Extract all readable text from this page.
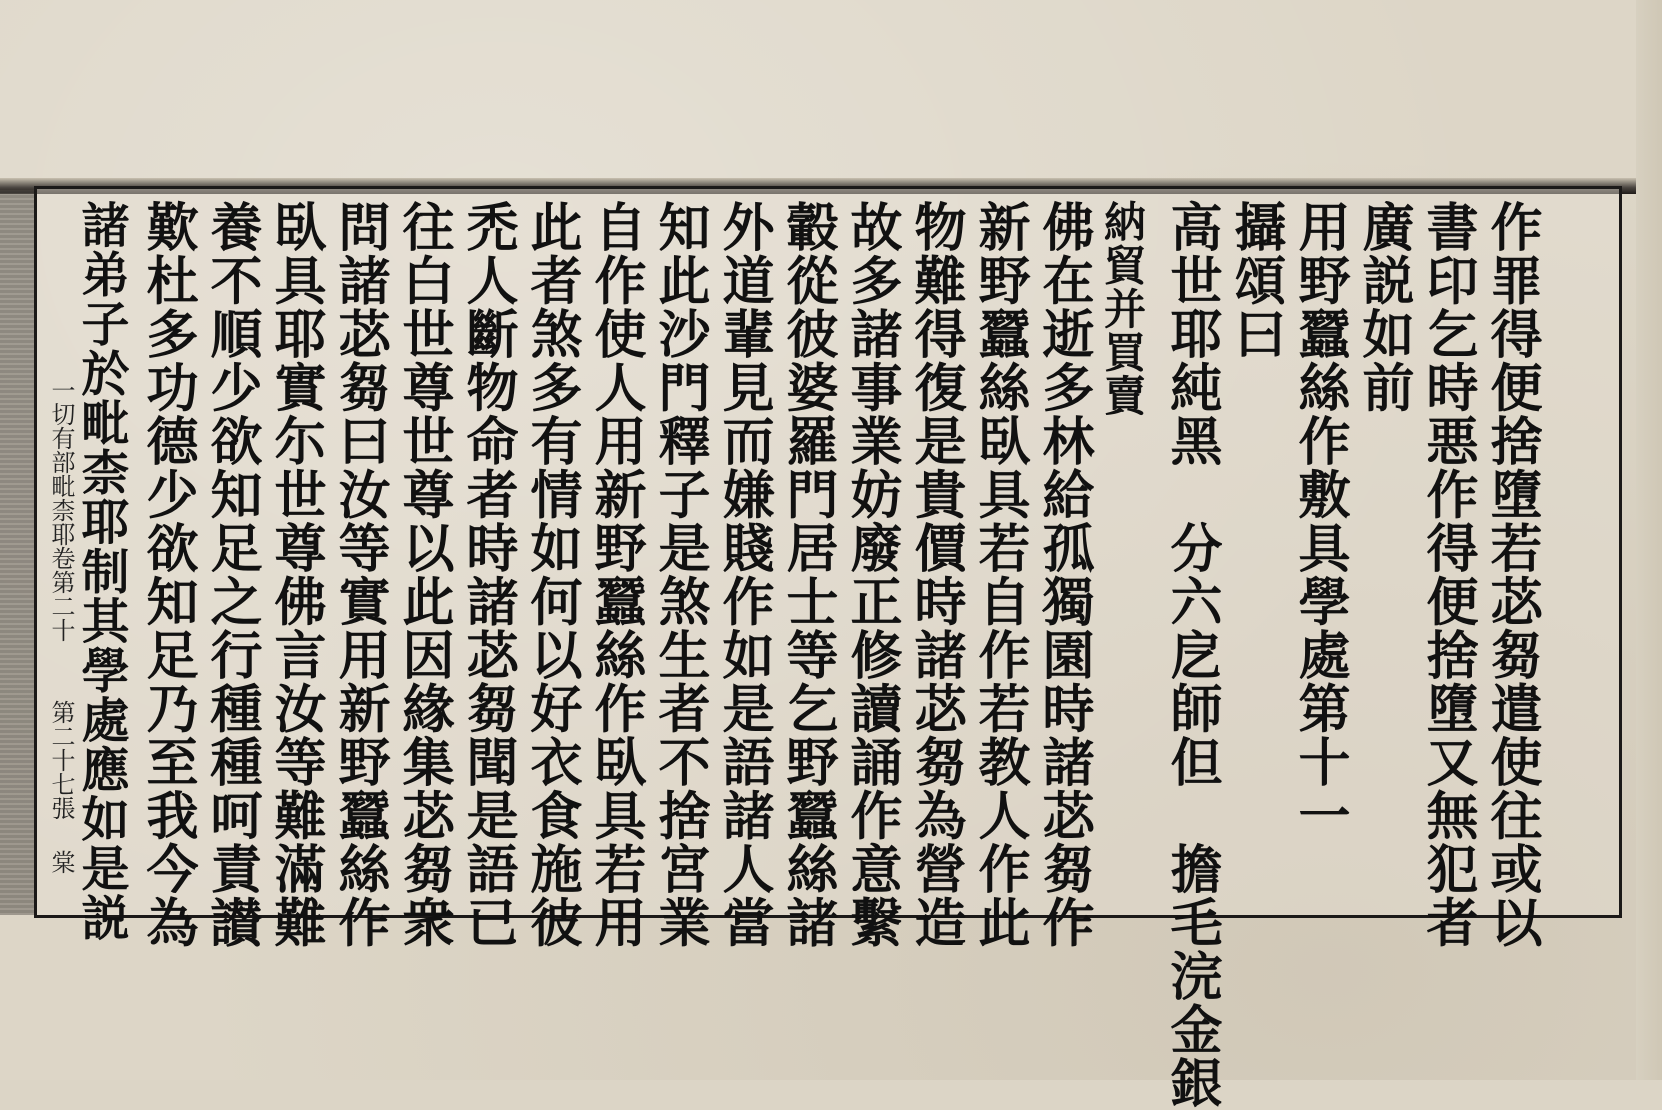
作罪得便捨墮若苾芻遣使往或以
書印乞時悪作得便捨墮又無犯者
廣説如前
用野蠶絲作敷具學處第十一
攝頌曰
高世耶純黑　分六戹師但　擔毛浣金銀
納貿并買賣
佛在逝多林給孤獨園時諸苾芻作
新野蠶絲臥具若自作若教人作此
物難得復是貴價時諸苾芻為營造
故多諸事業妨廢正修讀誦作意繫
轂從彼婆羅門居士等乞野蠶絲諸
外道輩見而嫌賤作如是語諸人當
知此沙門釋子是煞生者不捨宮業
自作使人用新野蠶絲作臥具若用
此者煞多有情如何以好衣食施彼
禿人斷物命者時諸苾芻聞是語已
往白世尊世尊以此因緣集苾芻衆
問諸苾芻曰汝等實用新野蠶絲作
臥具耶實尓世尊佛言汝等難滿難
養不順少欲知足之行種種呵責讃
歎杜多功德少欲知足乃至我今為
諸弟子於毗柰耶制其學處應如是説
一切有部毗柰耶卷第二十
第二十七張
棠
